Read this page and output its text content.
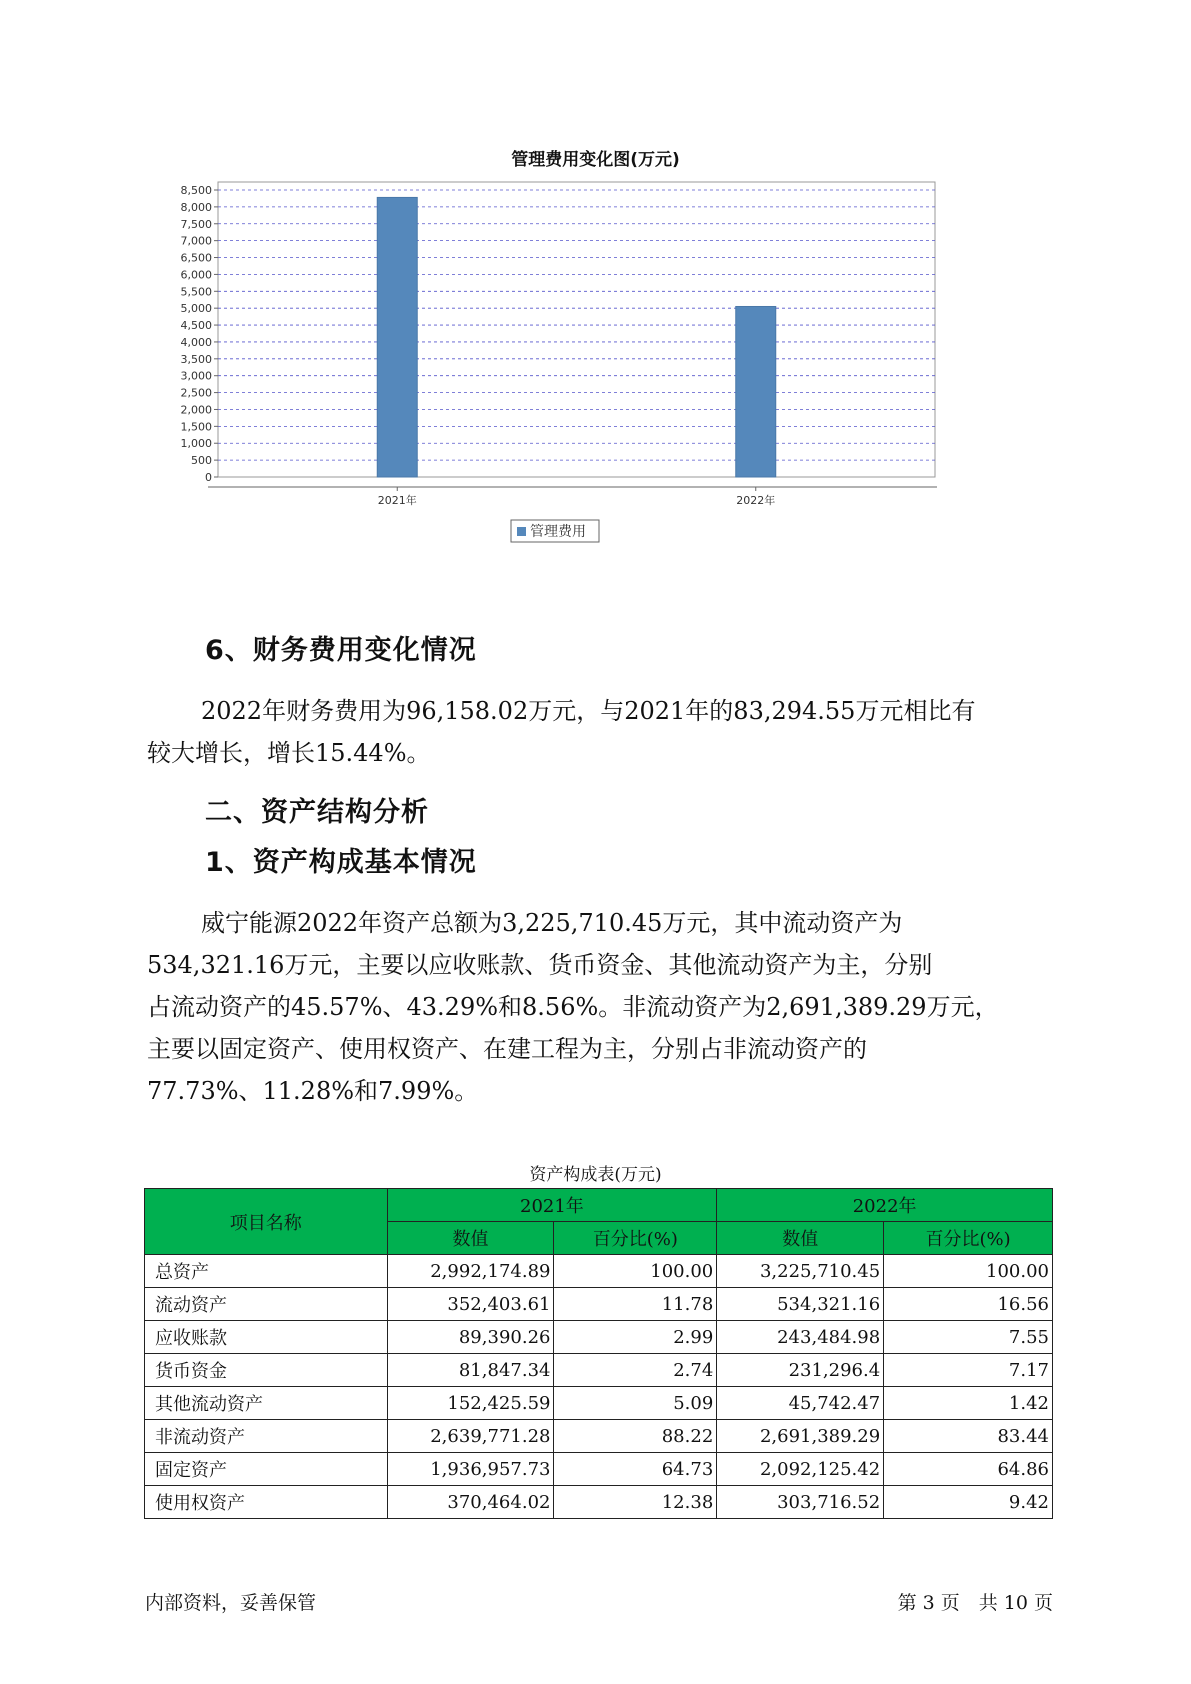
管理费用变化图(万元)
0
500
1,000
1,500
2,000
2,500
3,000
3,500
4,000
4,500
5,000
5,500
6,000
6,500
7,000
7,500
8,000
8,500
2021年	2022年
管理费用
6、财务费用变化情况

2022年财务费用为96,158.02万元，与2021年的83,294.55万元相比有

较大增长，增长15.44%。

二、资产结构分析
1、资产构成基本情况

威宁能源2022年资产总额为3,225,710.45万元，其中流动资产为

534,321.16万元，主要以应收账款、货币资金、其他流动资产为主，分别

占流动资产的45.57%、43.29%和8.56%。非流动资产为2,691,389.29万元，

主要以固定资产、使用权资产、在建工程为主，分别占非流动资产的

77.73%、11.28%和7.99%。

资产构成表(万元)
项目名称	2021年		2022年	
	数值	百分比(%)	数值	百分比(%)
总资产	2,992,174.89	100.00	3,225,710.45	100.00
流动资产	352,403.61	11.78	534,321.16	16.56
应收账款	89,390.26	2.99	243,484.98	7.55
货币资金	81,847.34	2.74	231,296.4	7.17
其他流动资产	152,425.59	5.09	45,742.47	1.42
非流动资产	2,639,771.28	88.22	2,691,389.29	83.44
固定资产	1,936,957.73	64.73	2,092,125.42	64.86
使用权资产	370,464.02	12.38	303,716.52	9.42
内部资料，妥善保管	第 3 页　共 10 页
